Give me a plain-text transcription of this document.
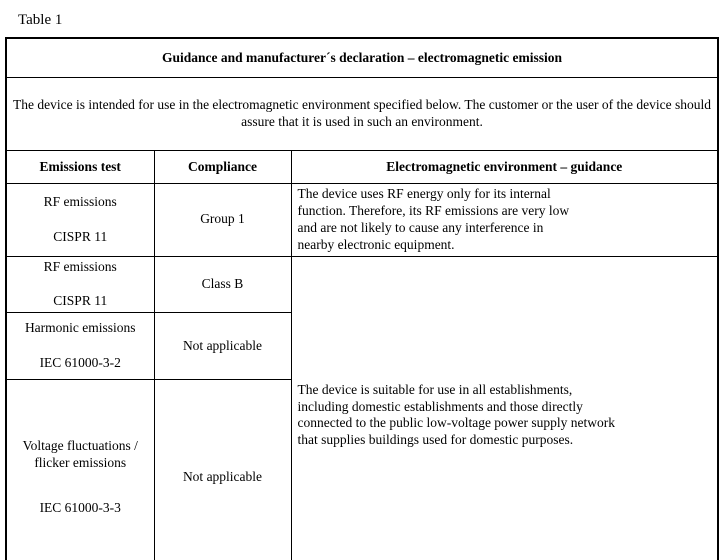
Table 1
Guidance and manufacturer´s declaration – electromagnetic emission		
The device is intended for use in the electromagnetic environment specified below. The customer or the user of the device should assure that it is used in such an environment.		
Emissions test	Compliance	Electromagnetic environment – guidance

RF emissions
CISPR 11	Group 1	The device uses RF energy only for its internal function. Therefore, its RF emissions are very low and are not likely to cause any interference in nearby electronic equipment.

RF emissions
CISPR 11	Class B	The device is suitable for use in all establishments, including domestic establishments and those directly connected to the public low-voltage power supply network that supplies buildings used for domestic purposes.

Harmonic emissions
IEC 61000-3-2	Not applicable	

Voltage fluctuations / flicker emissions
IEC 61000-3-3	Not applicable	
